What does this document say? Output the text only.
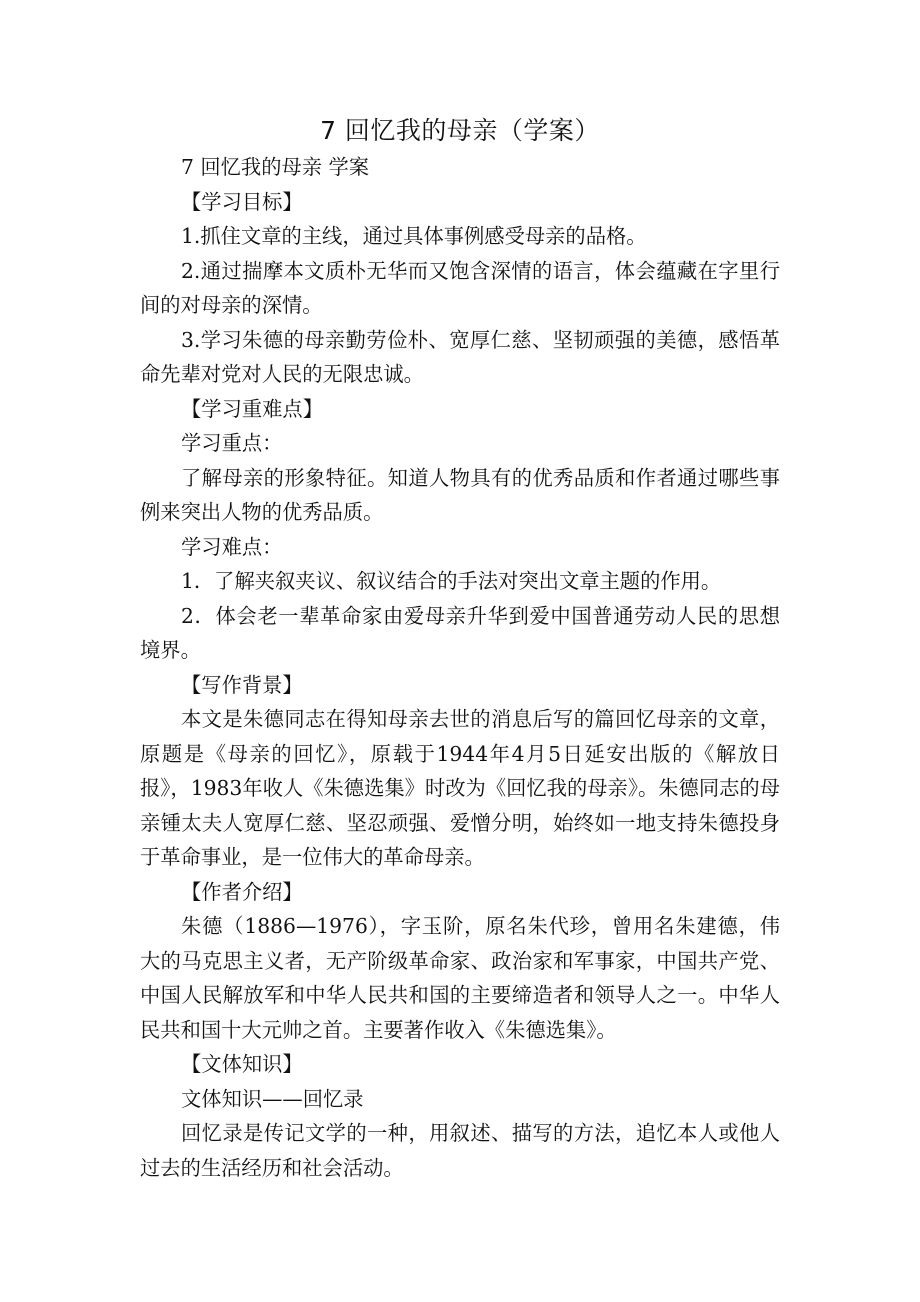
7 回忆我的母亲（学案）

7 回忆我的母亲 学案

【学习目标】

1.抓住文章的主线，通过具体事例感受母亲的品格。

2.通过揣摩本文质朴无华而又饱含深情的语言，体会蕴藏在字里行间的对母亲的深情。

3.学习朱德的母亲勤劳俭朴、宽厚仁慈、坚韧顽强的美德，感悟革命先辈对党对人民的无限忠诚。

【学习重难点】

学习重点：

了解母亲的形象特征。知道人物具有的优秀品质和作者通过哪些事例来突出人物的优秀品质。

学习难点：

1．了解夹叙夹议、叙议结合的手法对突出文章主题的作用。

2．体会老一辈革命家由爱母亲升华到爱中国普通劳动人民的思想境界。

【写作背景】

本文是朱德同志在得知母亲去世的消息后写的篇回忆母亲的文章，原题是《母亲的回忆》，原载于1944年4月5日延安出版的《解放日报》，1983年收人《朱德选集》时改为《回忆我的母亲》。朱德同志的母亲锺太夫人宽厚仁慈、坚忍顽强、爱憎分明，始终如一地支持朱德投身于革命事业，是一位伟大的革命母亲。

【作者介绍】

朱德（1886—1976），字玉阶，原名朱代珍，曾用名朱建德，伟大的马克思主义者，无产阶级革命家、政治家和军事家，中国共产党、中国人民解放军和中华人民共和国的主要缔造者和领导人之一。中华人民共和国十大元帅之首。主要著作收入《朱德选集》。

【文体知识】

文体知识——回忆录

回忆录是传记文学的一种，用叙述、描写的方法，追忆本人或他人过去的生活经历和社会活动。
